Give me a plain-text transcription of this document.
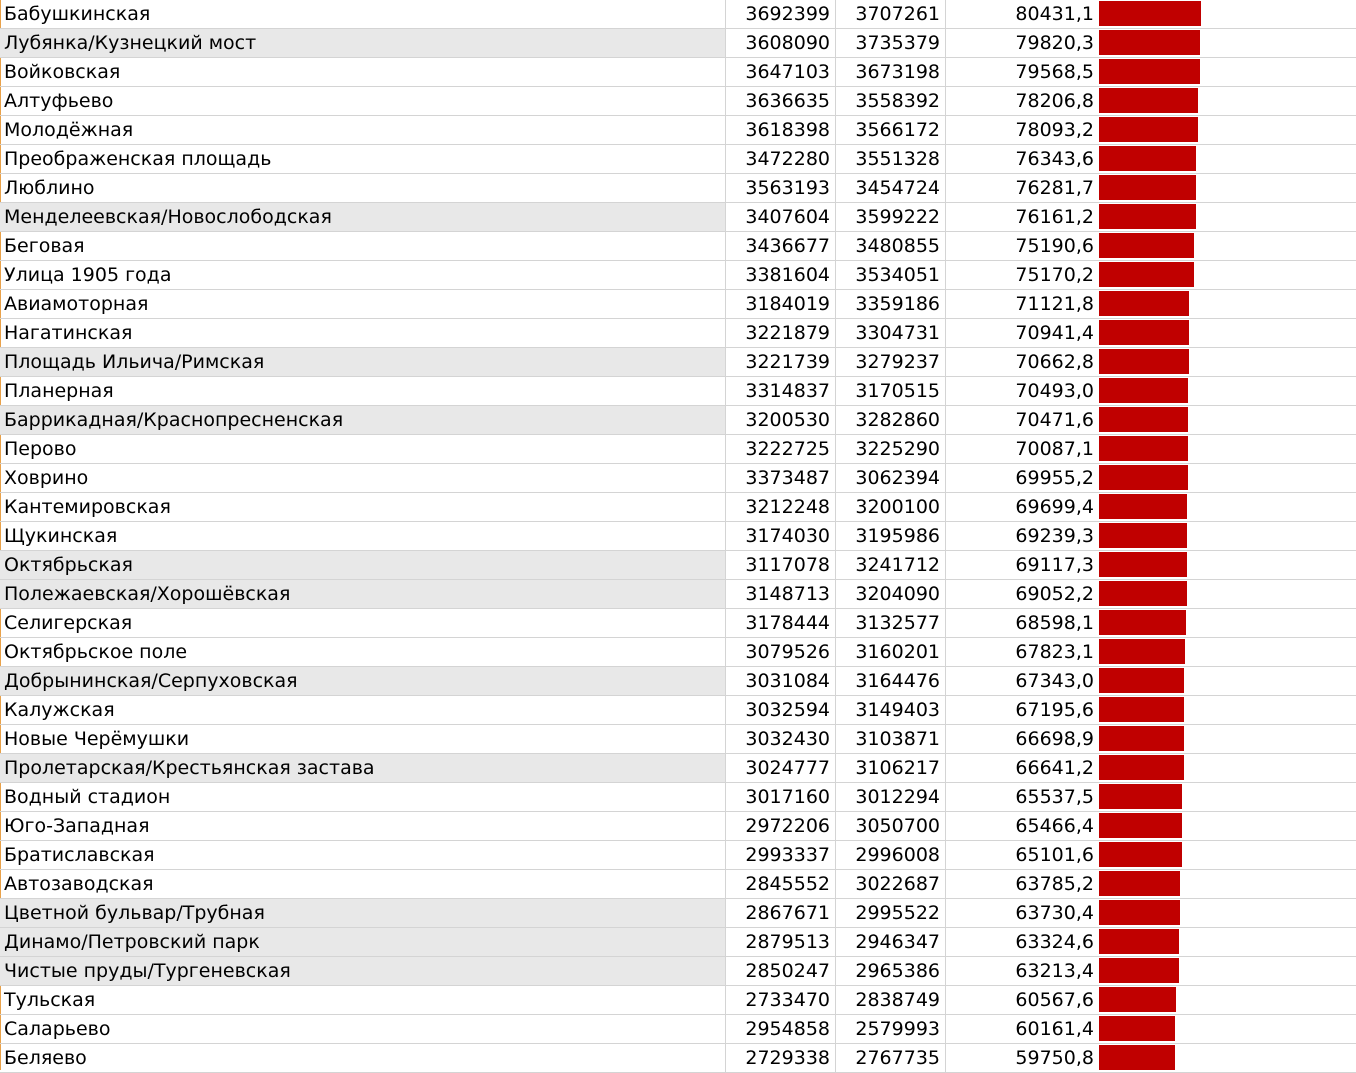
Бабушкинская	3692399	3707261	80431,1
Лубянка/Кузнецкий мост	3608090	3735379	79820,3
Войковская	3647103	3673198	79568,5
Алтуфьево	3636635	3558392	78206,8
Молодёжная	3618398	3566172	78093,2
Преображенская площадь	3472280	3551328	76343,6
Люблино	3563193	3454724	76281,7
Менделеевская/Новослободская	3407604	3599222	76161,2
Беговая	3436677	3480855	75190,6
Улица 1905 года	3381604	3534051	75170,2
Авиамоторная	3184019	3359186	71121,8
Нагатинская	3221879	3304731	70941,4
Площадь Ильича/Римская	3221739	3279237	70662,8
Планерная	3314837	3170515	70493,0
Баррикадная/Краснопресненская	3200530	3282860	70471,6
Перово	3222725	3225290	70087,1
Ховрино	3373487	3062394	69955,2
Кантемировская	3212248	3200100	69699,4
Щукинская	3174030	3195986	69239,3
Октябрьская	3117078	3241712	69117,3
Полежаевская/Хорошёвская	3148713	3204090	69052,2
Селигерская	3178444	3132577	68598,1
Октябрьское поле	3079526	3160201	67823,1
Добрынинская/Серпуховская	3031084	3164476	67343,0
Калужская	3032594	3149403	67195,6
Новые Черёмушки	3032430	3103871	66698,9
Пролетарская/Крестьянская застава	3024777	3106217	66641,2
Водный стадион	3017160	3012294	65537,5
Юго-Западная	2972206	3050700	65466,4
Братиславская	2993337	2996008	65101,6
Автозаводская	2845552	3022687	63785,2
Цветной бульвар/Трубная	2867671	2995522	63730,4
Динамо/Петровский парк	2879513	2946347	63324,6
Чистые пруды/Тургеневская	2850247	2965386	63213,4
Тульская	2733470	2838749	60567,6
Саларьево	2954858	2579993	60161,4
Беляево	2729338	2767735	59750,8
